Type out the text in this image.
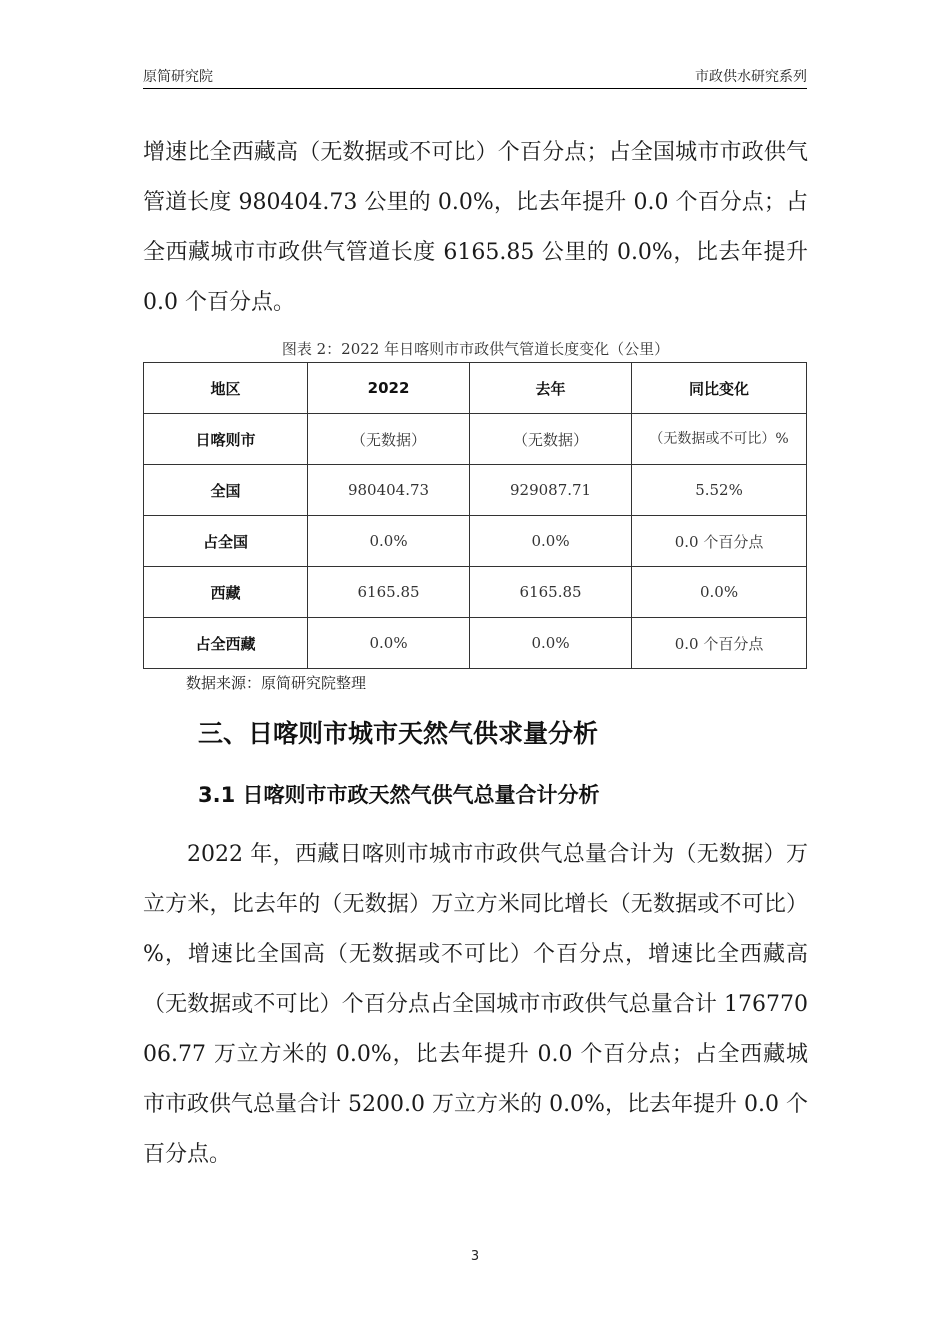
原简研究院	市政供水研究系列
增速比全西藏高（无数据或不可比）个百分点；占全国城市市政供气管道长度 980404.73 公里的 0.0%，比去年提升 0.0 个百分点；占全西藏城市市政供气管道长度 6165.85 公里的 0.0%，比去年提升 0.0 个百分点。
图表 2：2022 年日喀则市市政供气管道长度变化（公里）
地区	2022	去年	同比变化
日喀则市	（无数据）	（无数据）	（无数据或不可比）%
全国	980404.73	929087.71	5.52%
占全国	0.0%	0.0%	0.0 个百分点
西藏	6165.85	6165.85	0.0%
占全西藏	0.0%	0.0%	0.0 个百分点
数据来源：原简研究院整理
三、日喀则市城市天然气供求量分析
3.1 日喀则市市政天然气供气总量合计分析
2022 年，西藏日喀则市城市市政供气总量合计为（无数据）万立方米，比去年的（无数据）万立方米同比增长（无数据或不可比）%，增速比全国高（无数据或不可比）个百分点，增速比全西藏高（无数据或不可比）个百分点占全国城市市政供气总量合计 17677006.77 万立方米的 0.0%，比去年提升 0.0 个百分点；占全西藏城市市政供气总量合计 5200.0 万立方米的 0.0%，比去年提升 0.0 个百分点。
3
